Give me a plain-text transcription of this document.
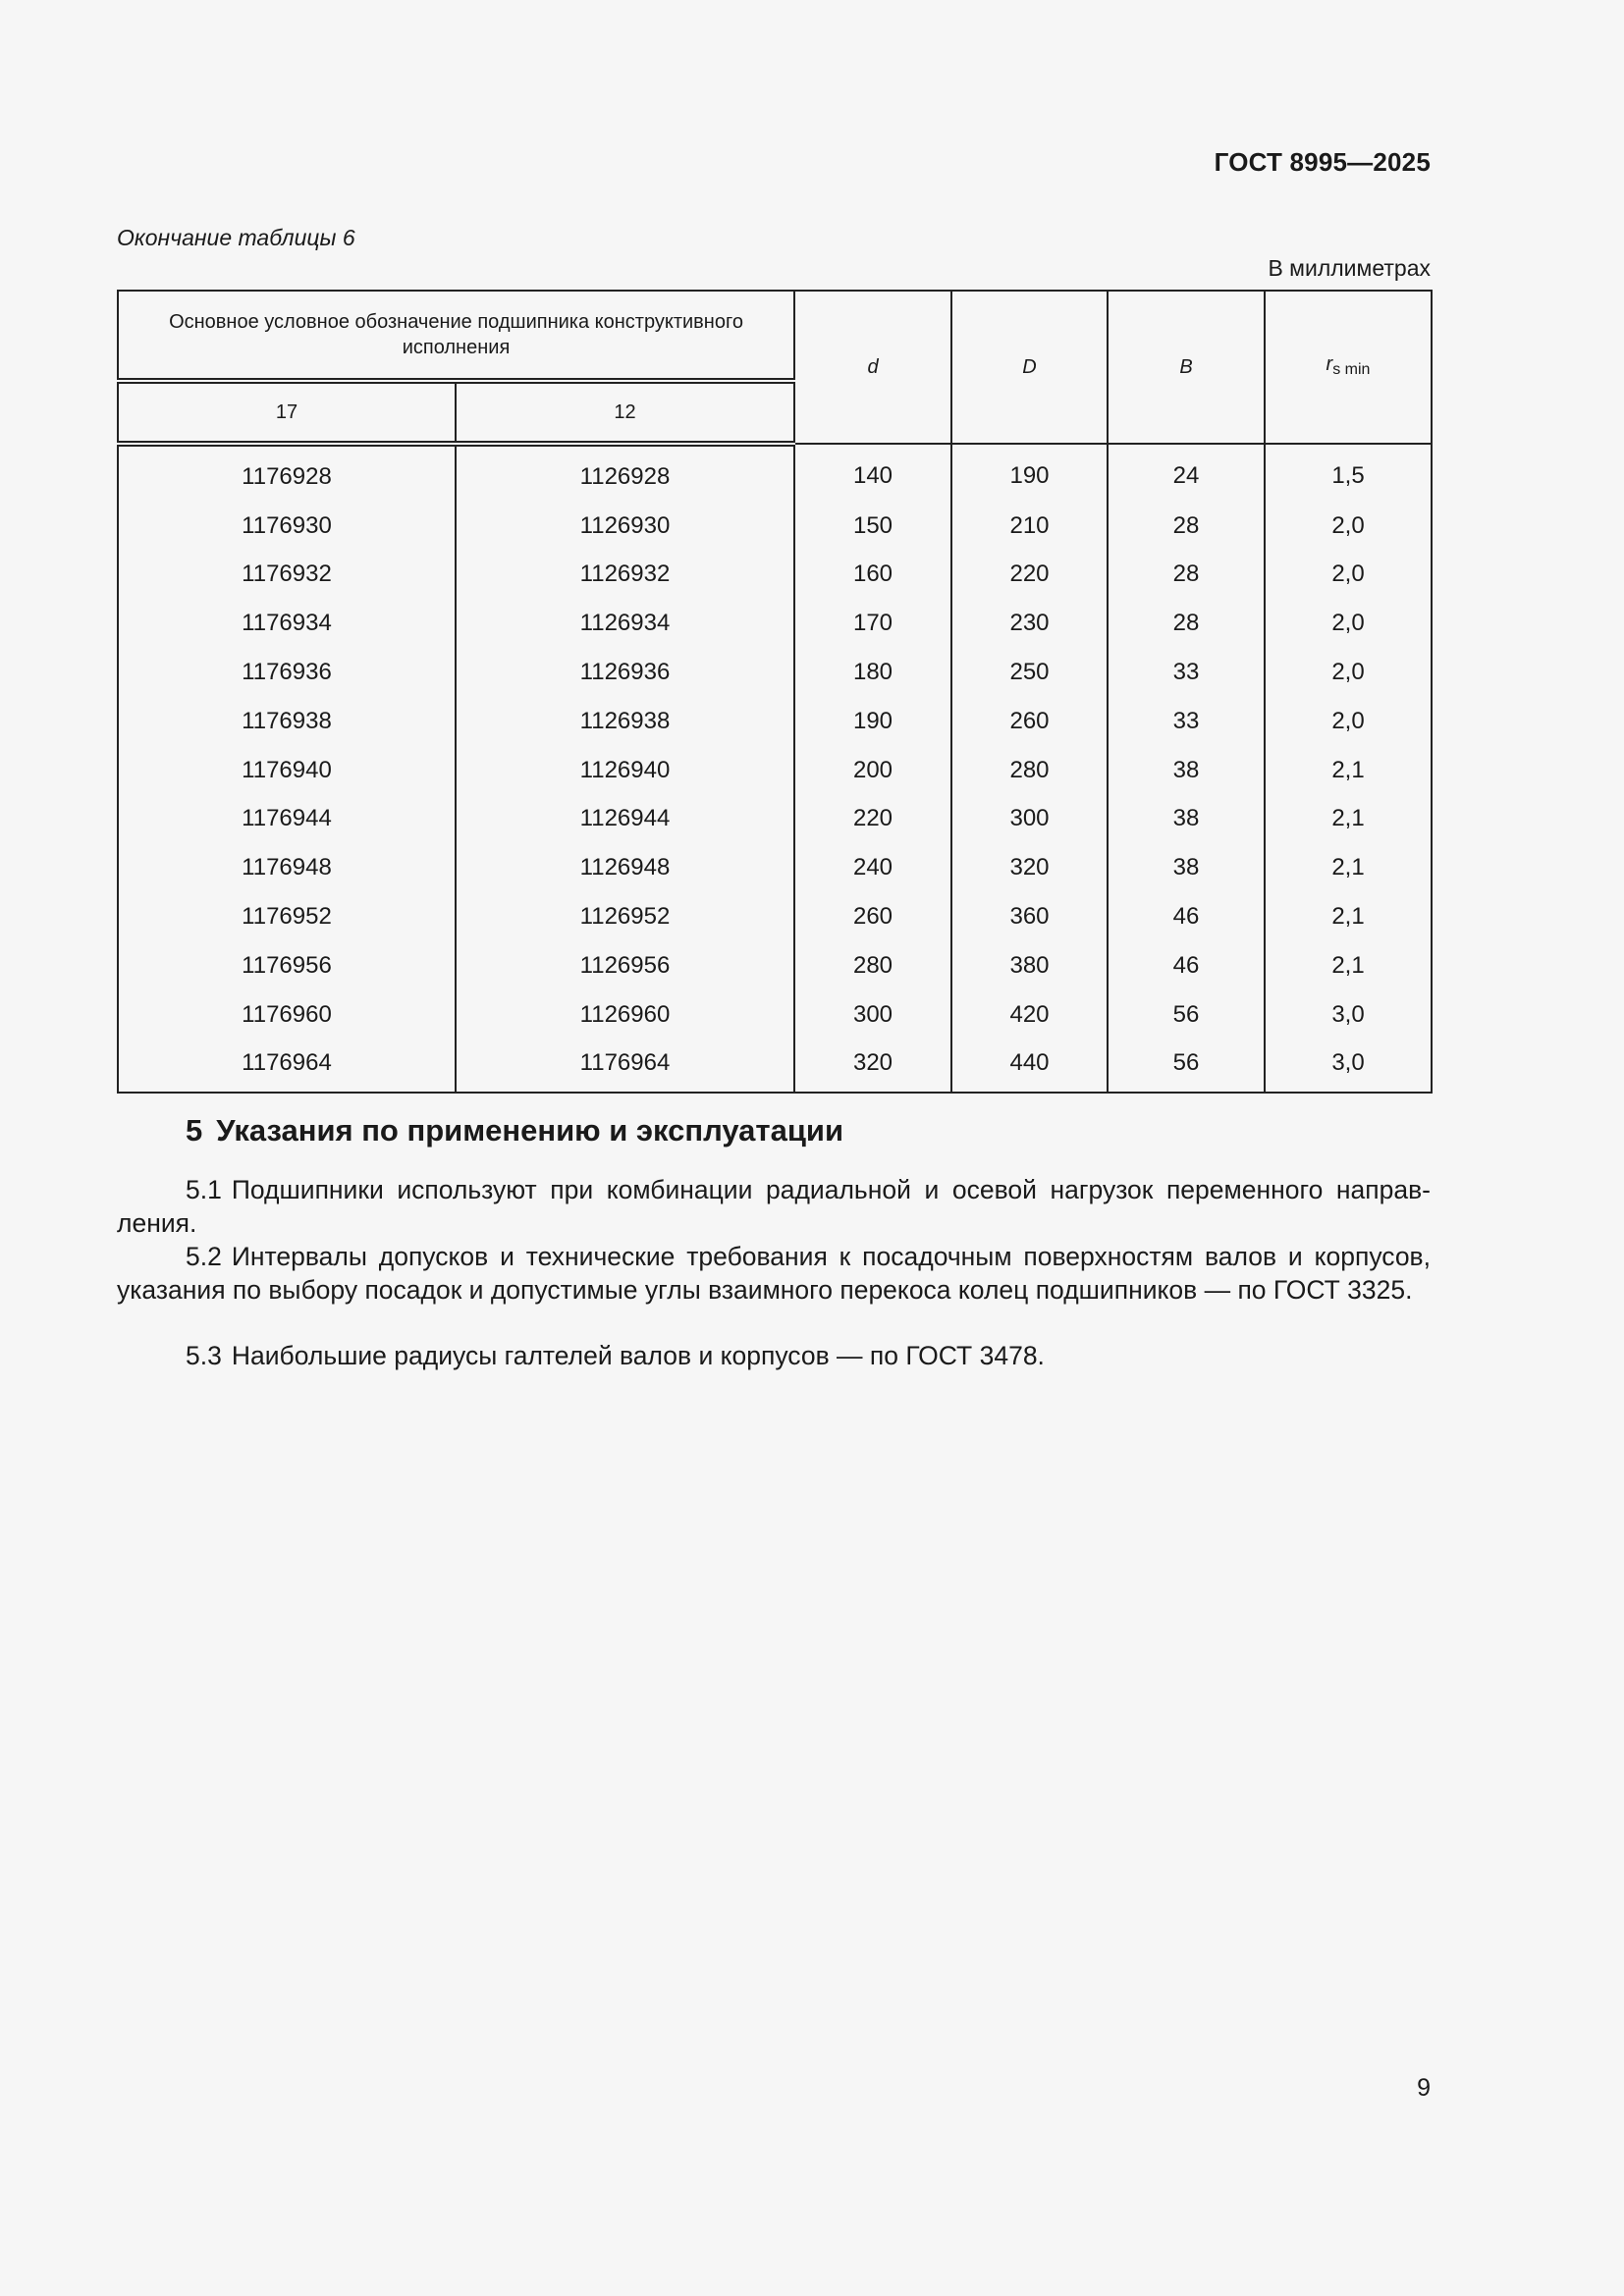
ГОСТ 8995—2025
Окончание таблицы 6
В миллиметрах
Основное условное обозначение подшипника конструктивного исполнения		d	D	B	$r_{s min}$
17	12				
1176928	1126928	140	190	24	1,5
1176930	1126930	150	210	28	2,0
1176932	1126932	160	220	28	2,0
1176934	1126934	170	230	28	2,0
1176936	1126936	180	250	33	2,0
1176938	1126938	190	260	33	2,0
1176940	1126940	200	280	38	2,1
1176944	1126944	220	300	38	2,1
1176948	1126948	240	320	38	2,1
1176952	1126952	260	360	46	2,1
1176956	1126956	280	380	46	2,1
1176960	1126960	300	420	56	3,0
1176964	1176964	320	440	56	3,0
5 Указания по применению и эксплуатации

5.1 Подшипники используют при комбинации радиальной и осевой нагрузок переменного направления.

5.2 Интервалы допусков и технические требования к посадочным поверхностям валов и корпусов, указания по выбору посадок и допустимые углы взаимного перекоса колец подшипников — по ГОСТ 3325.

5.3 Наибольшие радиусы галтелей валов и корпусов — по ГОСТ 3478.

9
